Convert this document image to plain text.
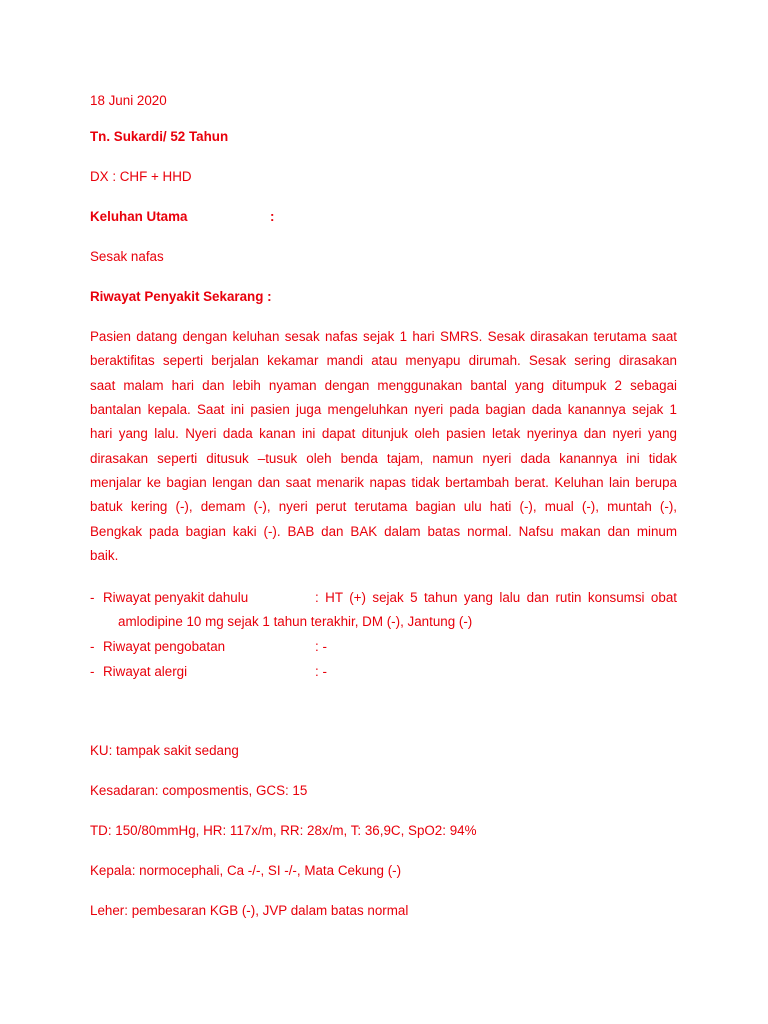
18 Juni 2020
Tn. Sukardi/ 52 Tahun
DX : CHF + HHD
Keluhan Utama	:
Sesak nafas
Riwayat Penyakit Sekarang :
Pasien datang dengan keluhan sesak nafas sejak 1 hari SMRS. Sesak dirasakan terutama saat
beraktifitas seperti berjalan kekamar mandi atau menyapu dirumah. Sesak sering dirasakan
saat malam hari dan lebih nyaman dengan menggunakan bantal yang ditumpuk 2 sebagai
bantalan kepala. Saat ini pasien juga mengeluhkan nyeri pada bagian dada kanannya sejak 1
hari yang lalu. Nyeri dada kanan ini dapat ditunjuk oleh pasien letak nyerinya dan nyeri yang
dirasakan seperti ditusuk –tusuk oleh benda tajam, namun nyeri dada kanannya ini tidak
menjalar ke bagian lengan dan saat menarik napas tidak bertambah berat. Keluhan lain berupa
batuk kering (-), demam (-), nyeri perut terutama bagian ulu hati (-), mual (-), muntah (-),
Bengkak pada bagian kaki (-). BAB dan BAK dalam batas normal. Nafsu makan dan minum
baik.
- Riwayat penyakit dahulu	: HT (+) sejak 5 tahun yang lalu dan rutin konsumsi obat
amlodipine 10 mg sejak 1 tahun terakhir, DM (-), Jantung (-)
- Riwayat pengobatan	: -
- Riwayat alergi	: -
KU: tampak sakit sedang
Kesadaran: composmentis, GCS: 15
TD: 150/80mmHg, HR: 117x/m, RR: 28x/m, T: 36,9C, SpO2: 94%
Kepala: normocephali, Ca -/-, SI -/-, Mata Cekung (-)
Leher: pembesaran KGB (-), JVP dalam batas normal
